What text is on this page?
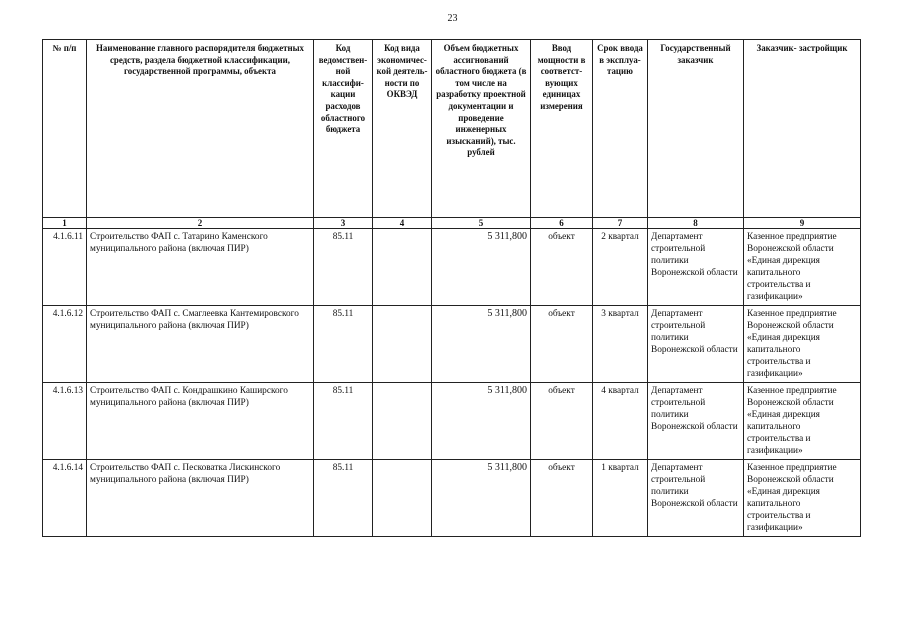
23
№ п/п	Наименование главного распорядителя бюджетных средств, раздела бюджетной классификации, государственной программы, объекта	Код ведомствен- ной классифи- кации расходов областного бюджета	Код вида экономичес- кой деятель- ности по ОКВЭД	Объем бюджетных ассигнований областного бюджета (в том числе на разработку проектной документации и проведение инженерных изысканий), тыс. рублей	Ввод мощности в соответст- вующих единицах измерения	Срок ввода в эксплуа- тацию	Государственный заказчик	Заказчик- застройщик
1	2	3	4	5	6	7	8	9
4.1.6.11	Строительство ФАП с. Татарино Каменского муниципального района (включая ПИР)	85.11		5 311,800	объект	2 квартал	Департамент строительной политики Воронежской области	Казенное предприятие Воронежской области «Единая дирекция капитального строительства и газификации»
4.1.6.12	Строительство ФАП с. Смаглеевка Кантемировского муниципального района (включая ПИР)	85.11		5 311,800	объект	3 квартал	Департамент строительной политики Воронежской области	Казенное предприятие Воронежской области «Единая дирекция капитального строительства и газификации»
4.1.6.13	Строительство ФАП с. Кондрашкино Каширского муниципального района (включая ПИР)	85.11		5 311,800	объект	4 квартал	Департамент строительной политики Воронежской области	Казенное предприятие Воронежской области «Единая дирекция капитального строительства и газификации»
4.1.6.14	Строительство ФАП с. Песковатка Лискинского муниципального района (включая ПИР)	85.11		5 311,800	объект	1 квартал	Департамент строительной политики Воронежской области	Казенное предприятие Воронежской области «Единая дирекция капитального строительства и газификации»
